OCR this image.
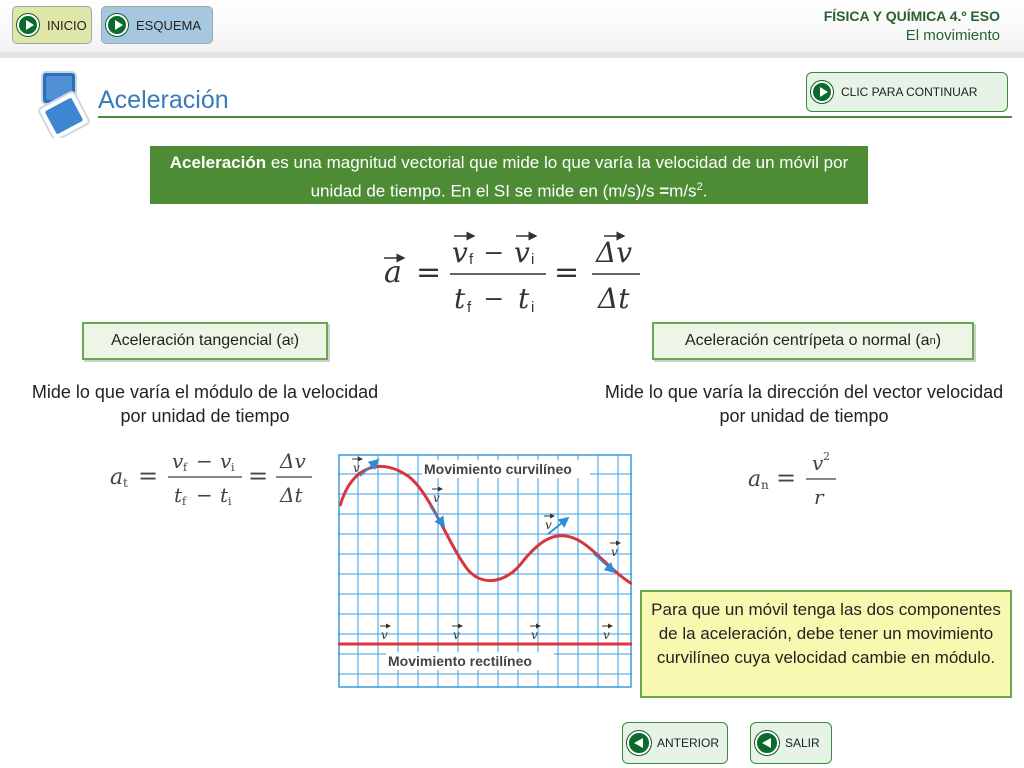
INICIO	ESQUEMA
FÍSICA Y QUÍMICA 4.º ESO
El movimiento
Aceleración	CLIC PARA CONTINUAR
Aceleración es una magnitud vectorial que mide lo que varía la velocidad de un móvil por unidad de tiempo. En el SI se mide en $(m/s)/s =m/s^2$.
a =
v f – v i
t f – t i
=
Δv
Δt
Aceleración tangencial (a t )	Aceleración centrípeta o normal (a n )
Mide lo que varía el módulo de la velocidad por unidad de tiempo
Mide lo que varía la dirección del vector velocidad por unidad de tiempo
a t =
v f − v i
t f − t i
=
Δv
Δt
a n =
v 2
r
v
v
v
v
v	v	v	v
Movimiento curvilíneo
Movimiento rectilíneo
Para que un móvil tenga las dos componentes de la aceleración, debe tener un movimiento curvilíneo cuya velocidad cambie en módulo.
ANTERIOR	SALIR
